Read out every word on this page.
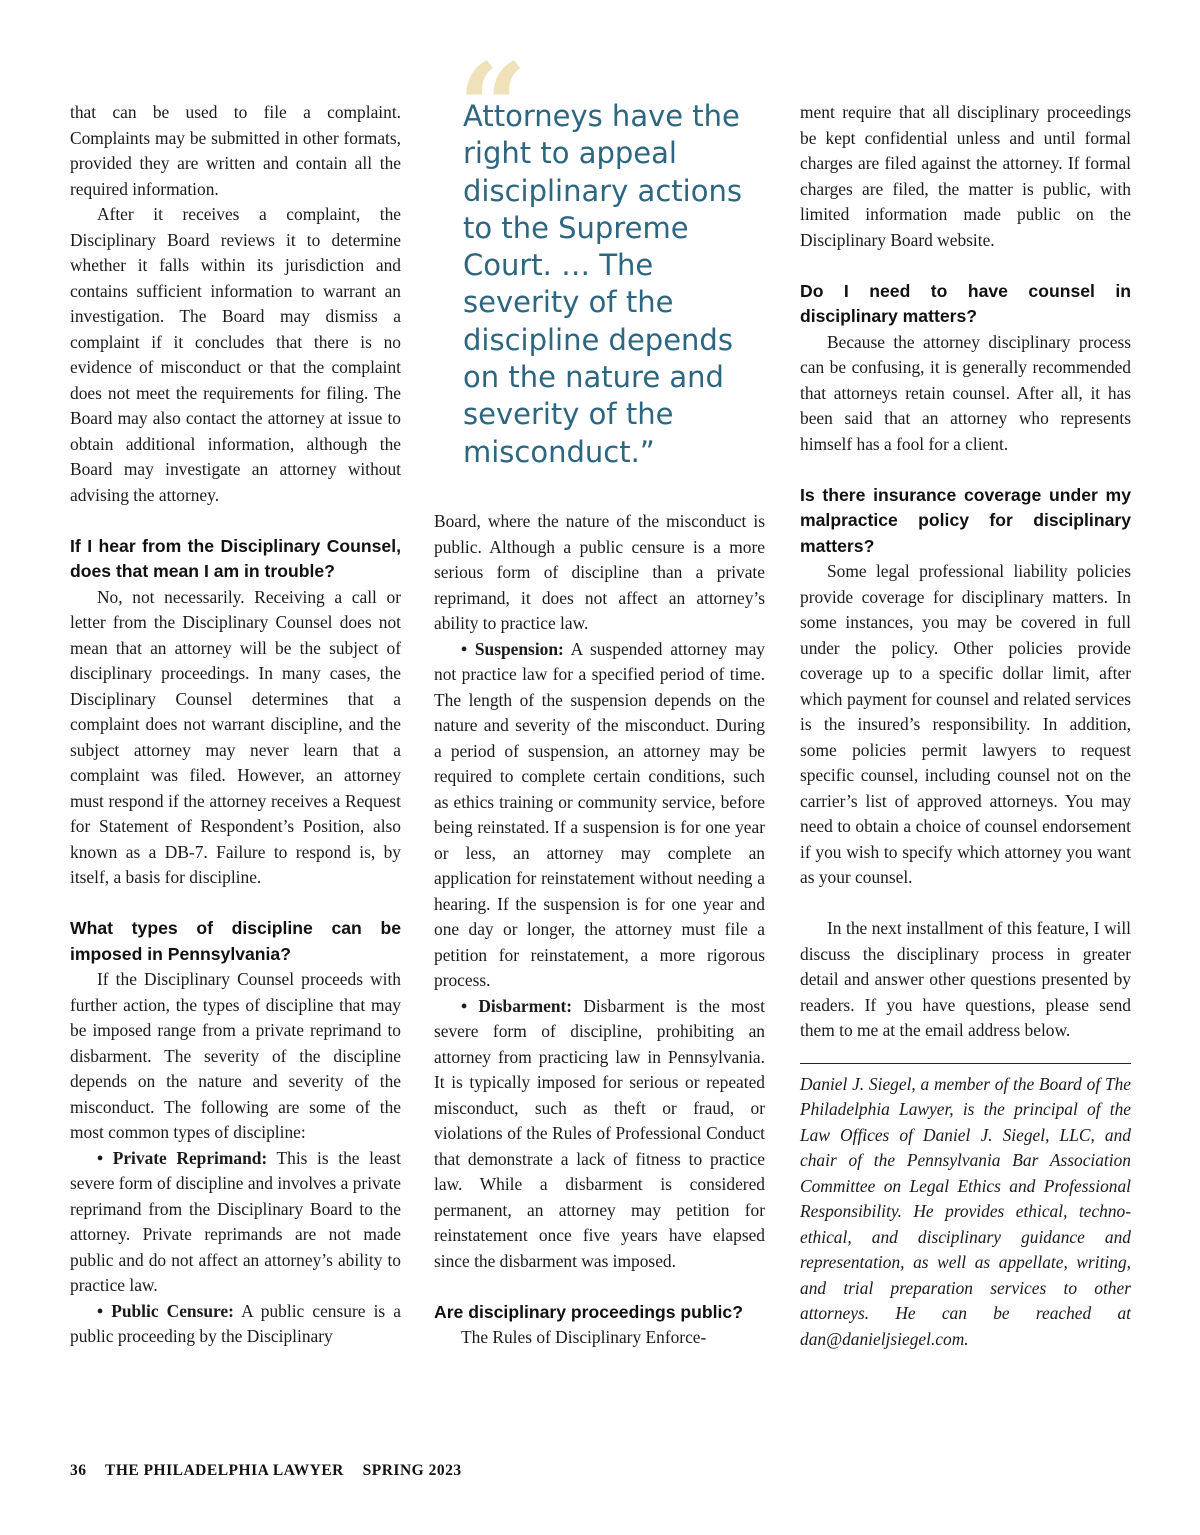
that can be used to file a complaint. Complaints may be submitted in other formats, provided they are written and contain all the required information.

After it receives a complaint, the Disciplinary Board reviews it to determine whether it falls within its jurisdiction and contains sufficient information to warrant an investigation. The Board may dismiss a complaint if it concludes that there is no evidence of misconduct or that the complaint does not meet the requirements for filing. The Board may also contact the attorney at issue to obtain additional information, although the Board may investigate an attorney without advising the attorney.

If I hear from the Disciplinary Counsel, does that mean I am in trouble?

No, not necessarily. Receiving a call or letter from the Disciplinary Counsel does not mean that an attorney will be the subject of disciplinary proceedings. In many cases, the Disciplinary Counsel determines that a complaint does not warrant discipline, and the subject attorney may never learn that a complaint was filed. However, an attorney must respond if the attorney receives a Request for Statement of Respondent’s Position, also known as a DB-7. Failure to respond is, by itself, a basis for discipline.

What types of discipline can be imposed in Pennsylvania?

If the Disciplinary Counsel proceeds with further action, the types of discipline that may be imposed range from a private reprimand to disbarment. The severity of the discipline depends on the nature and severity of the misconduct. The following are some of the most common types of discipline:

• Private Reprimand: This is the least severe form of discipline and involves a private reprimand from the Disciplinary Board to the attorney. Private reprimands are not made public and do not affect an attorney’s ability to practice law.

• Public Censure: A public censure is a public proceeding by the Disciplinary

“
Attorneys have the right to appeal disciplinary actions to the Supreme Court. … The severity of the discipline depends on the nature and severity of the misconduct.”

Board, where the nature of the misconduct is public. Although a public censure is a more serious form of discipline than a private reprimand, it does not affect an attorney’s ability to practice law.

• Suspension: A suspended attorney may not practice law for a specified period of time. The length of the suspension depends on the nature and severity of the misconduct. During a period of suspension, an attorney may be required to complete certain conditions, such as ethics training or community service, before being reinstated. If a suspension is for one year or less, an attorney may complete an application for reinstatement without needing a hearing. If the suspension is for one year and one day or longer, the attorney must file a petition for reinstatement, a more rigorous process.

• Disbarment: Disbarment is the most severe form of discipline, prohibiting an attorney from practicing law in Pennsylvania. It is typically imposed for serious or repeated misconduct, such as theft or fraud, or violations of the Rules of Professional Conduct that demonstrate a lack of fitness to practice law. While a disbarment is considered permanent, an attorney may petition for reinstatement once five years have elapsed since the disbarment was imposed.

Are disciplinary proceedings public?

The Rules of Disciplinary Enforce-

ment require that all disciplinary proceedings be kept confidential unless and until formal charges are filed against the attorney. If formal charges are filed, the matter is public, with limited information made public on the Disciplinary Board website.

Do I need to have counsel in disciplinary matters?

Because the attorney disciplinary process can be confusing, it is generally recommended that attorneys retain counsel. After all, it has been said that an attorney who represents himself has a fool for a client.

Is there insurance coverage under my malpractice policy for disciplinary matters?

Some legal professional liability policies provide coverage for disciplinary matters. In some instances, you may be covered in full under the policy. Other policies provide coverage up to a specific dollar limit, after which payment for counsel and related services is the insured’s responsibility. In addition, some policies permit lawyers to request specific counsel, including counsel not on the carrier’s list of approved attorneys. You may need to obtain a choice of counsel endorsement if you wish to specify which attorney you want as your counsel.

In the next installment of this feature, I will discuss the disciplinary process in greater detail and answer other questions presented by readers. If you have questions, please send them to me at the email address below.

Daniel J. Siegel, a member of the Board of The Philadelphia Lawyer, is the principal of the Law Offices of Daniel J. Siegel, LLC, and chair of the Pennsylvania Bar Association Committee on Legal Ethics and Professional Responsibility. He provides ethical, techno-ethical, and disciplinary guidance and representation, as well as appellate, writing, and trial preparation services to other attorneys. He can be reached at dan@danieljsiegel.com.

36 THE PHILADELPHIA LAWYER SPRING 2023
